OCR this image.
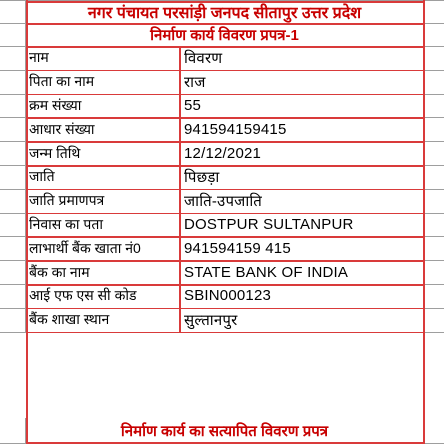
नगर पंचायत परसांड़ी जनपद सीतापुर उत्तर प्रदेश
निर्माण कार्य विवरण प्रपत्र-1
नाम	विवरण
पिता का नाम	राज
क्रम संख्या	55
आधार संख्या	941594159415
जन्म तिथि	12/12/2021
जाति	पिछड़ा
जाति प्रमाणपत्र	जाति-उपजाति
निवास का पता	DOSTPUR SULTANPUR
लाभार्थी बैंक खाता नं0	941594159 415
बैंक का नाम	STATE BANK OF INDIA
आई एफ एस सी कोड	SBIN000123
बैंक शाखा स्थान	सुल्तानपुर
निर्माण कार्य का सत्यापित विवरण प्रपत्र
